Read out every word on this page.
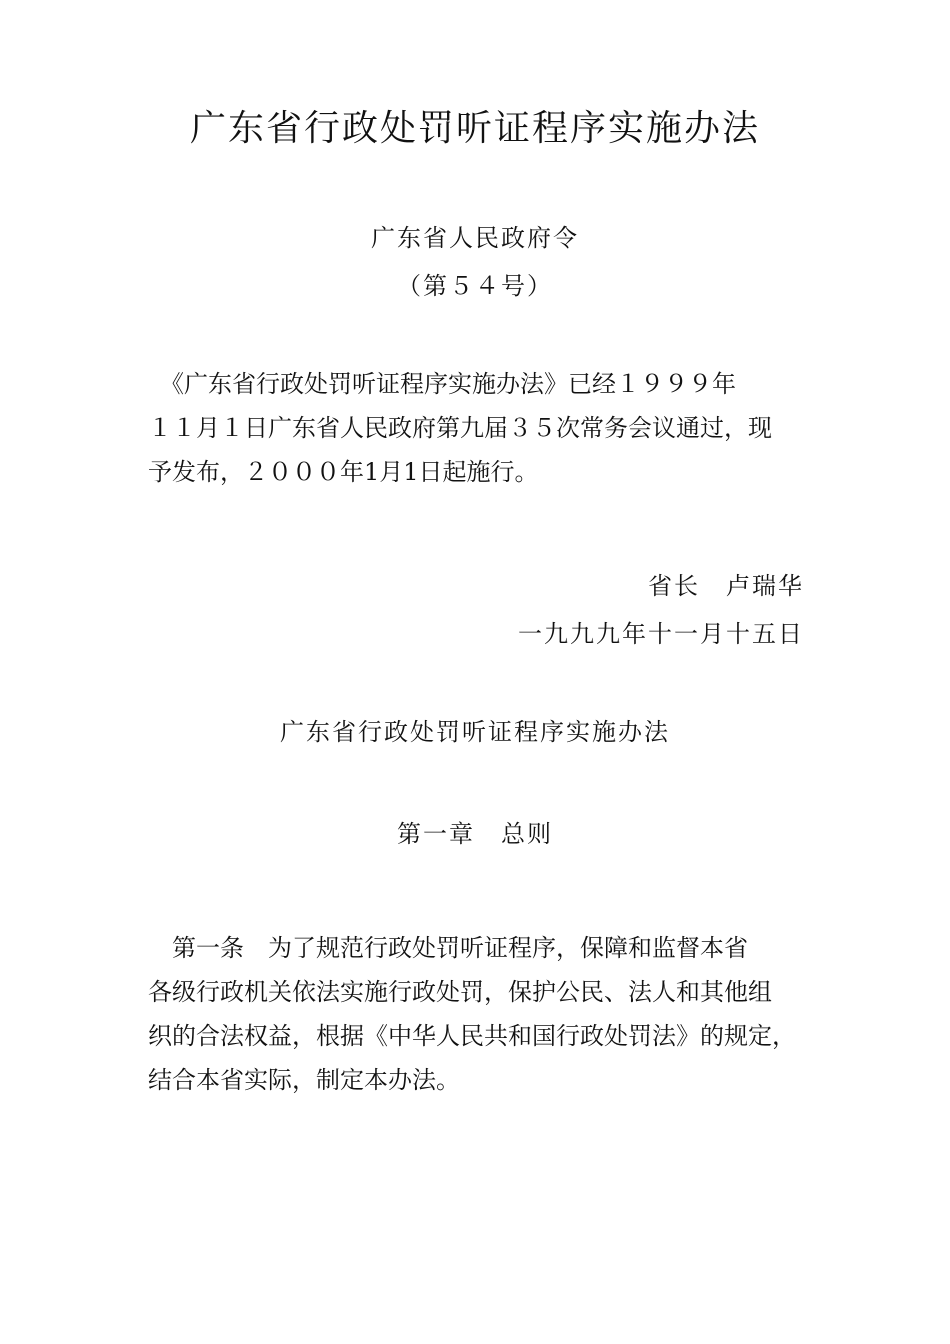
广东省行政处罚听证程序实施办法
广东省人民政府令
（第５４号）
　《广东省行政处罚听证程序实施办法》已经１９９９年
１１月１日广东省人民政府第九届３５次常务会议通过，现
予发布，２０００年1月1日起施行。
省长　卢瑞华
一九九九年十一月十五日
广东省行政处罚听证程序实施办法
第一章　总则
　第一条　为了规范行政处罚听证程序，保障和监督本省
各级行政机关依法实施行政处罚，保护公民、法人和其他组
织的合法权益，根据《中华人民共和国行政处罚法》的规定，
结合本省实际，制定本办法。
